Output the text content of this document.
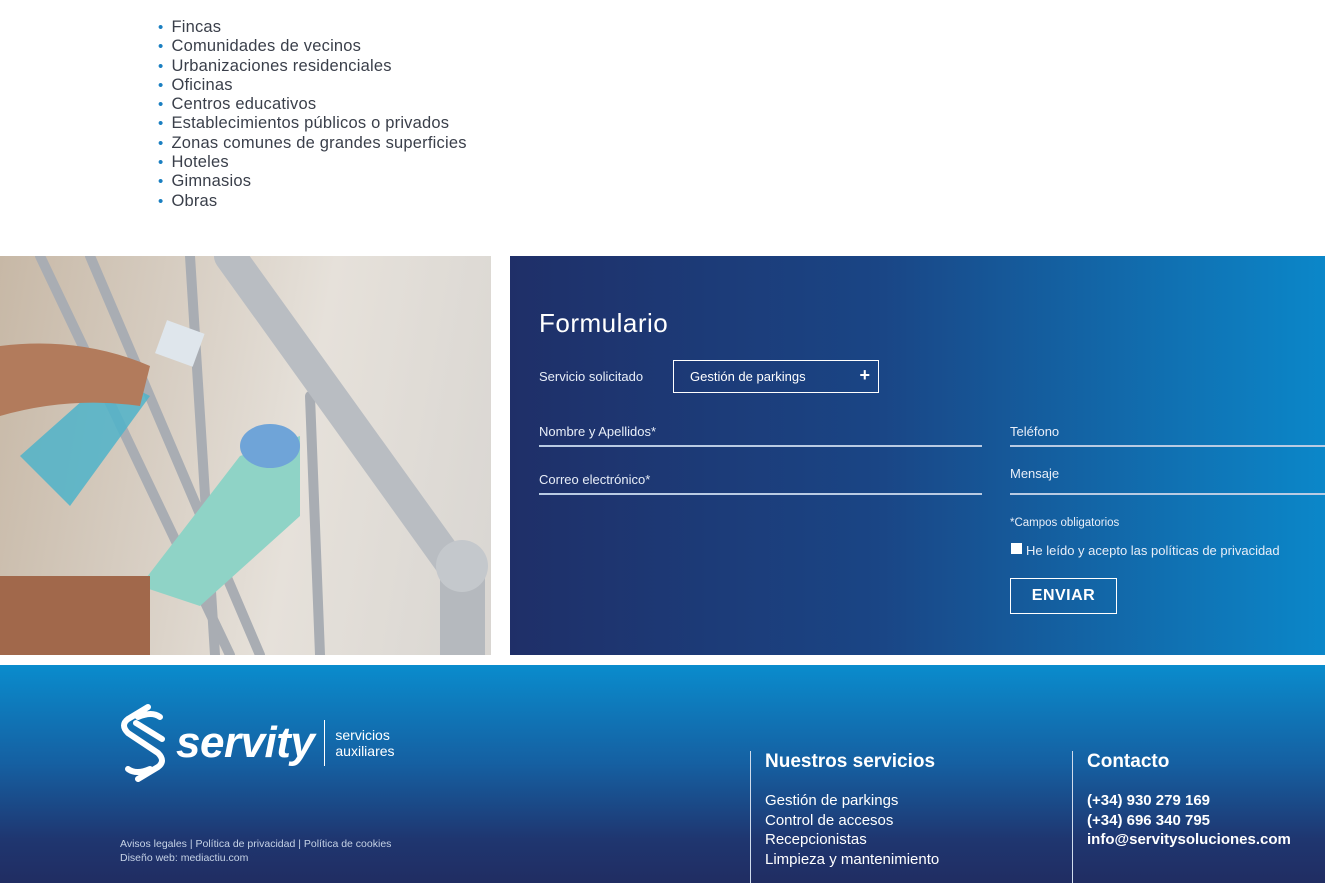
• Fincas
• Comunidades de vecinos
• Urbanizaciones residenciales
• Oficinas
• Centros educativos
• Establecimientos públicos o privados
• Zonas comunes de grandes superficies
• Hoteles
• Gimnasios
• Obras
Formulario
Servicio solicitado	Gestión de parkings	+
Nombre y Apellidos*
Correo electrónico*
Teléfono
Mensaje
*Campos obligatorios
He leído y acepto las políticas de privacidad
ENVIAR
servity servicios
auxiliares
Avisos legales | Política de privacidad | Política de cookies
Diseño web: mediactiu.com
Nuestros servicios

Gestión de parkings

Control de accesos

Recepcionistas

Limpieza y mantenimiento

Contacto

(+34) 930 279 169

(+34) 696 340 795

info@servitysoluciones.com
